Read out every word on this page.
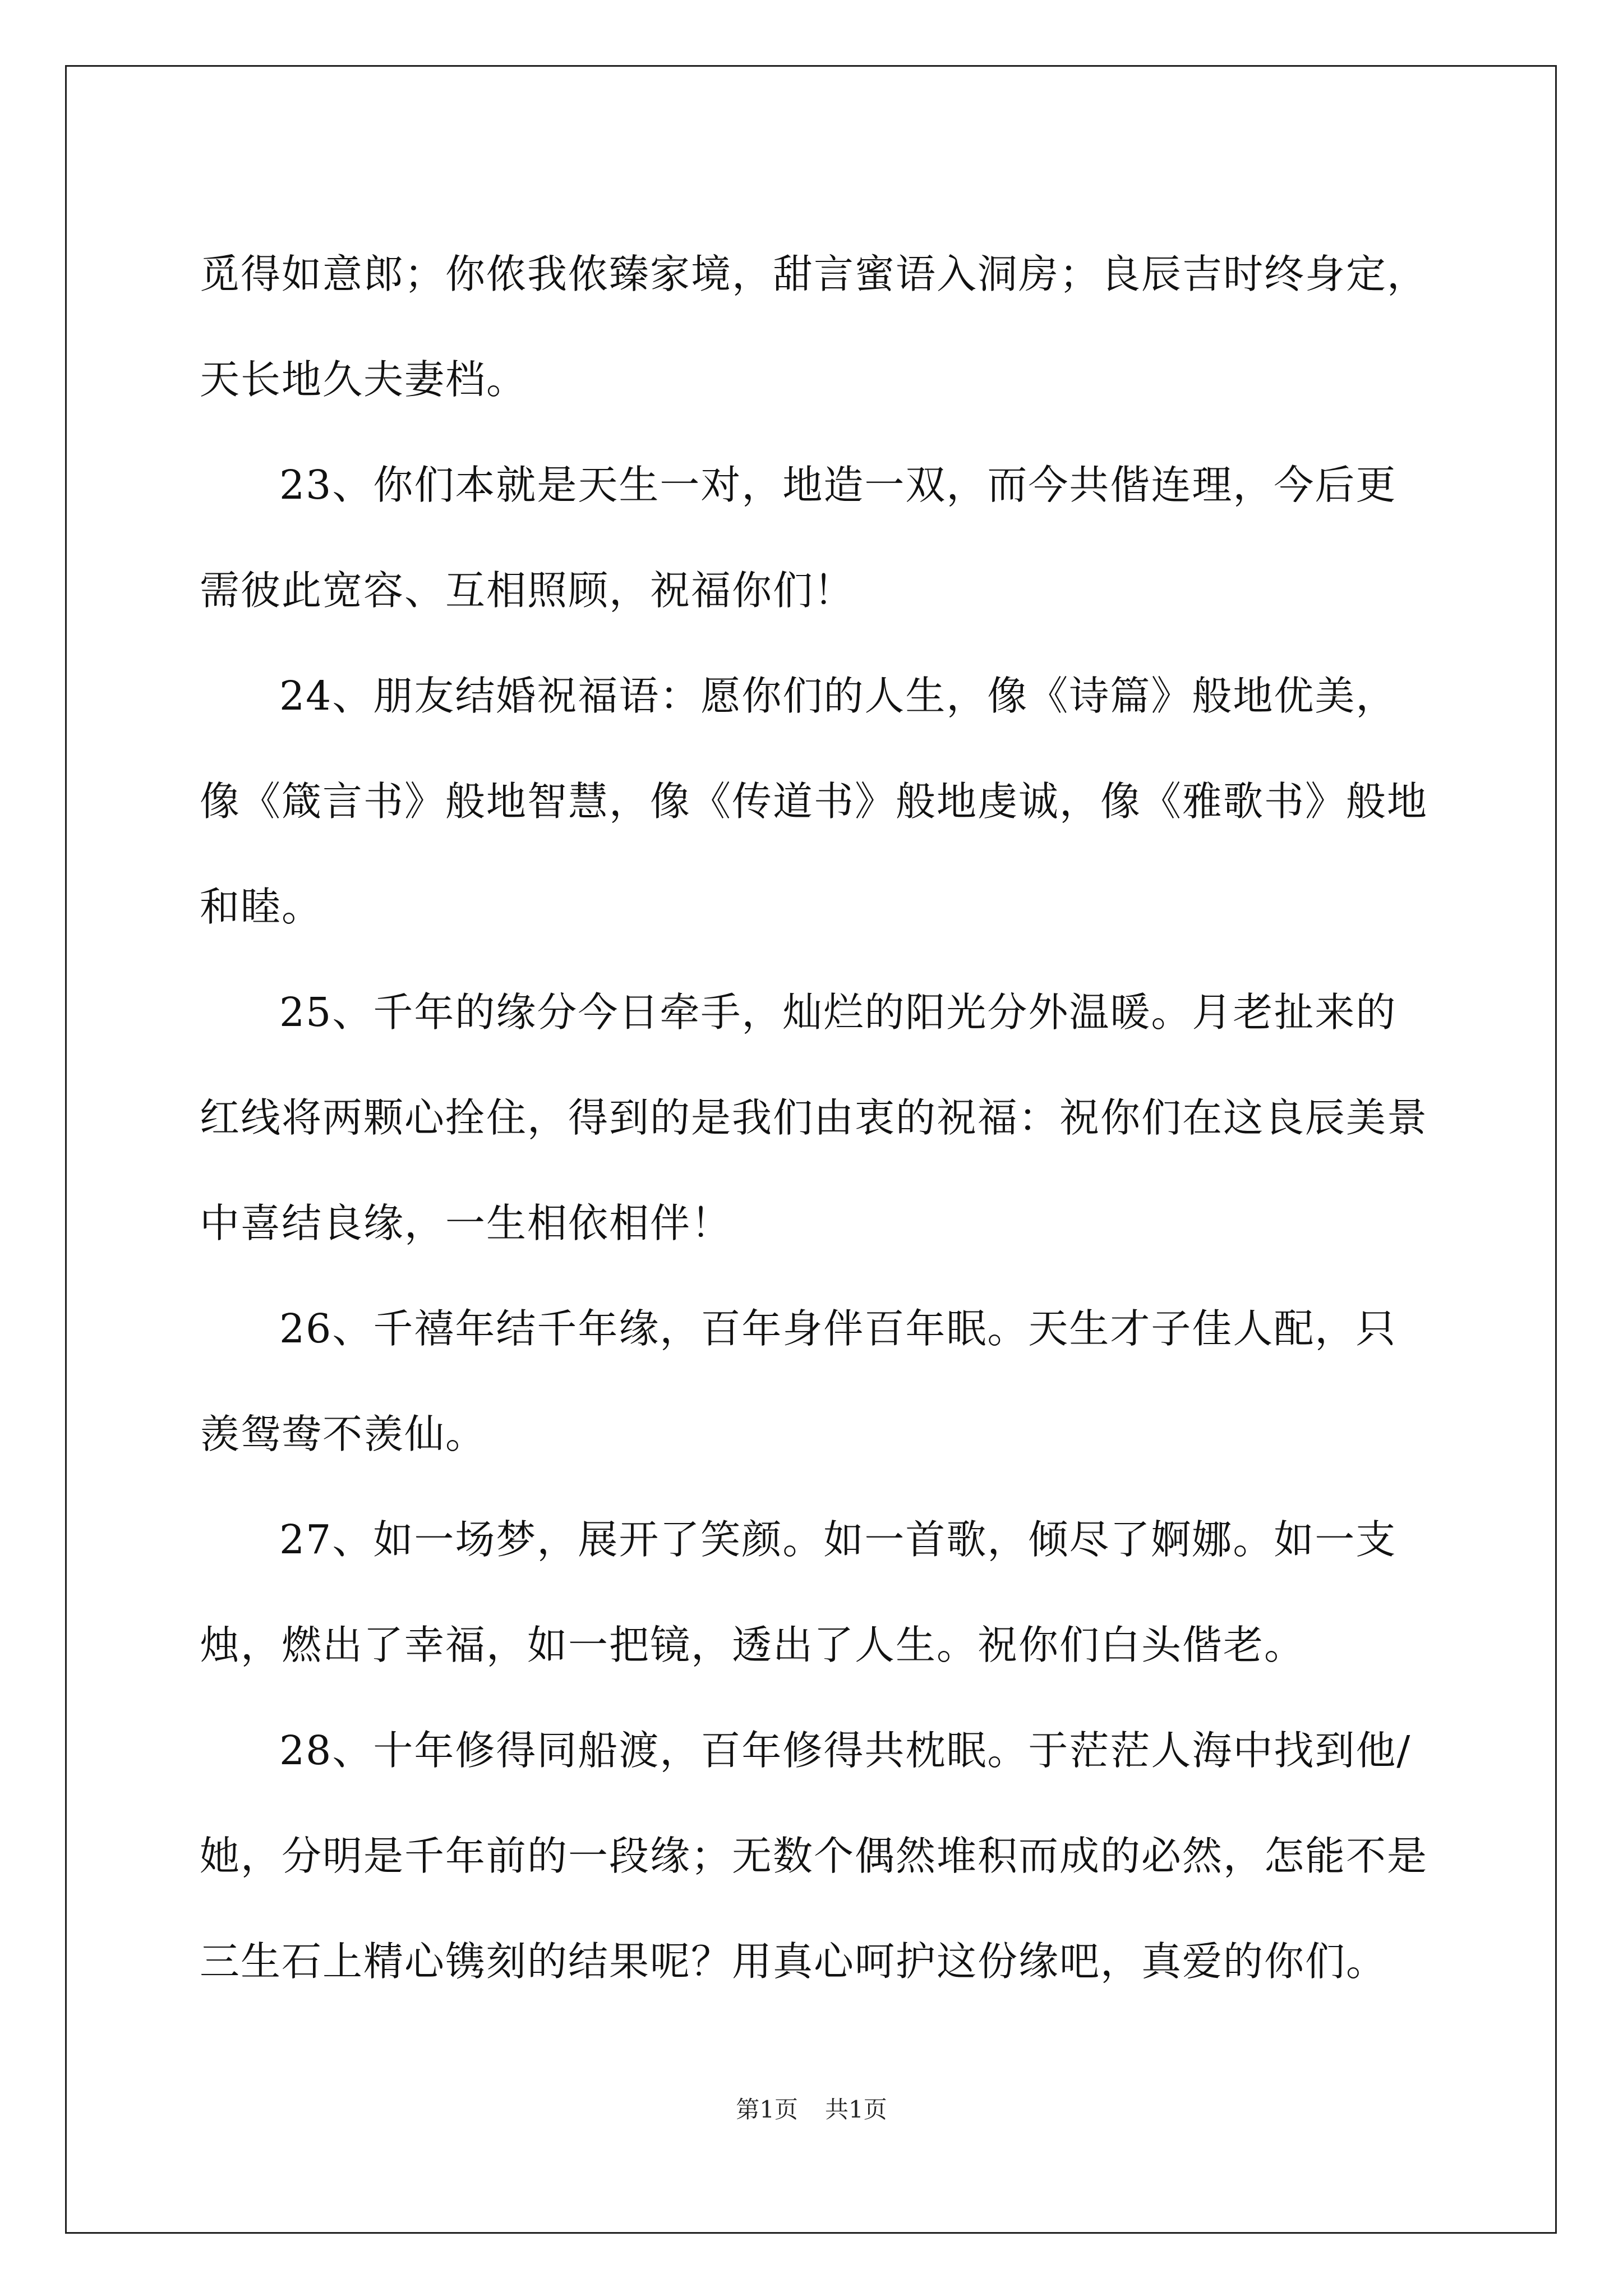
觅得如意郎；你侬我侬臻家境，甜言蜜语入洞房；良辰吉时终身定，天长地久夫妻档。

23、你们本就是天生一对，地造一双，而今共偕连理，今后更需彼此宽容、互相照顾，祝福你们！

24、朋友结婚祝福语：愿你们的人生，像《诗篇》般地优美，像《箴言书》般地智慧，像《传道书》般地虔诚，像《雅歌书》般地和睦。

25、千年的缘分今日牵手，灿烂的阳光分外温暖。月老扯来的红线将两颗心拴住，得到的是我们由衷的祝福：祝你们在这良辰美景中喜结良缘，一生相依相伴！

26、千禧年结千年缘，百年身伴百年眠。天生才子佳人配，只羡鸳鸯不羡仙。

27、如一场梦，展开了笑颜。如一首歌，倾尽了婀娜。如一支烛，燃出了幸福，如一把镜，透出了人生。祝你们白头偕老。

28、十年修得同船渡，百年修得共枕眠。于茫茫人海中找到他/她，分明是千年前的一段缘；无数个偶然堆积而成的必然，怎能不是三生石上精心镌刻的结果呢？用真心呵护这份缘吧，真爱的你们。

第1页 共1页
